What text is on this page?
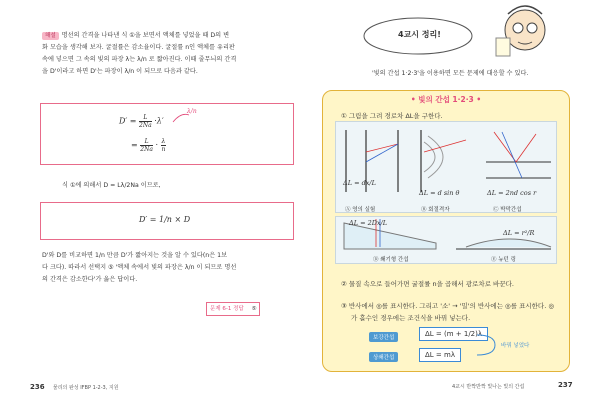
해설 명선의 간격을 나타낸 식 ①을 보면서 액체를 넣었을 때 D의 변
화 모습을 생각해 보자. 굴절률은 감소율이다. 굴절률 n인 액체를 유리판
속에 넣으면 그 속의 빛의 파장 λ는 λ/n 로 짧아진다. 이때 줄무늬의 간격
을 D'이라고 하면 D'는 파장이 λ/n 이 되므로 다음과 같다.
$D' = \frac{L}{2Na} \cdot\lambda'$
λ/n
= $\frac{L}{2Na} \cdot \frac{\lambda}{n}$
식 ①에 의해서 D = Lλ/2Na 이므로,
D′ = 1/n × D
D'와 D를 비교하면 1/n 만큼 D'가 짧아지는 것을 알 수 있다(n은 1보
다 크다). 따라서 선택지 ⑤ '액체 속에서 빛의 파장은 λ/n 이 되므로 명선
의 간격은 감소한다'가 옳은 답이다.
문제 6-1 정답 ⑤
236 물리의 완성 IFBP 1-2-3, 지원
4교시 정리!
'빛의 간섭 1·2·3'을 이용하면 모든 문제에 대응할 수 있다.
• 빛의 간섭 1·2·3 •
① 그림을 그려 경로차 ΔL을 구한다.
ΔL = dx/L
ΔL = d sin θ	ΔL = 2nd cos r
Ⓐ 영의 실험	Ⓑ 회절격자	Ⓒ 박막간섭
ΔL = 2Dx/L
ΔL = r²/R
Ⓓ 쐐기형 간섭	Ⓔ 뉴턴 링
② 물질 속으로 들어가면 굴절률 n을 곱해서 광로차로 바꾼다.
③ 반사에서 ◎를 표시한다. 그리고 '소' → '밀'의 반사에는 ◎를 표시한다. ◎
가 홀수인 경우에는 조건식을 바꿔 넣는다.
보강간섭	ΔL = (m + 1/2)λ
상쇄간섭	ΔL = mλ
바꿔 넣었다
4교시 반짝반짝 빛나는 빛의 간섭	237
